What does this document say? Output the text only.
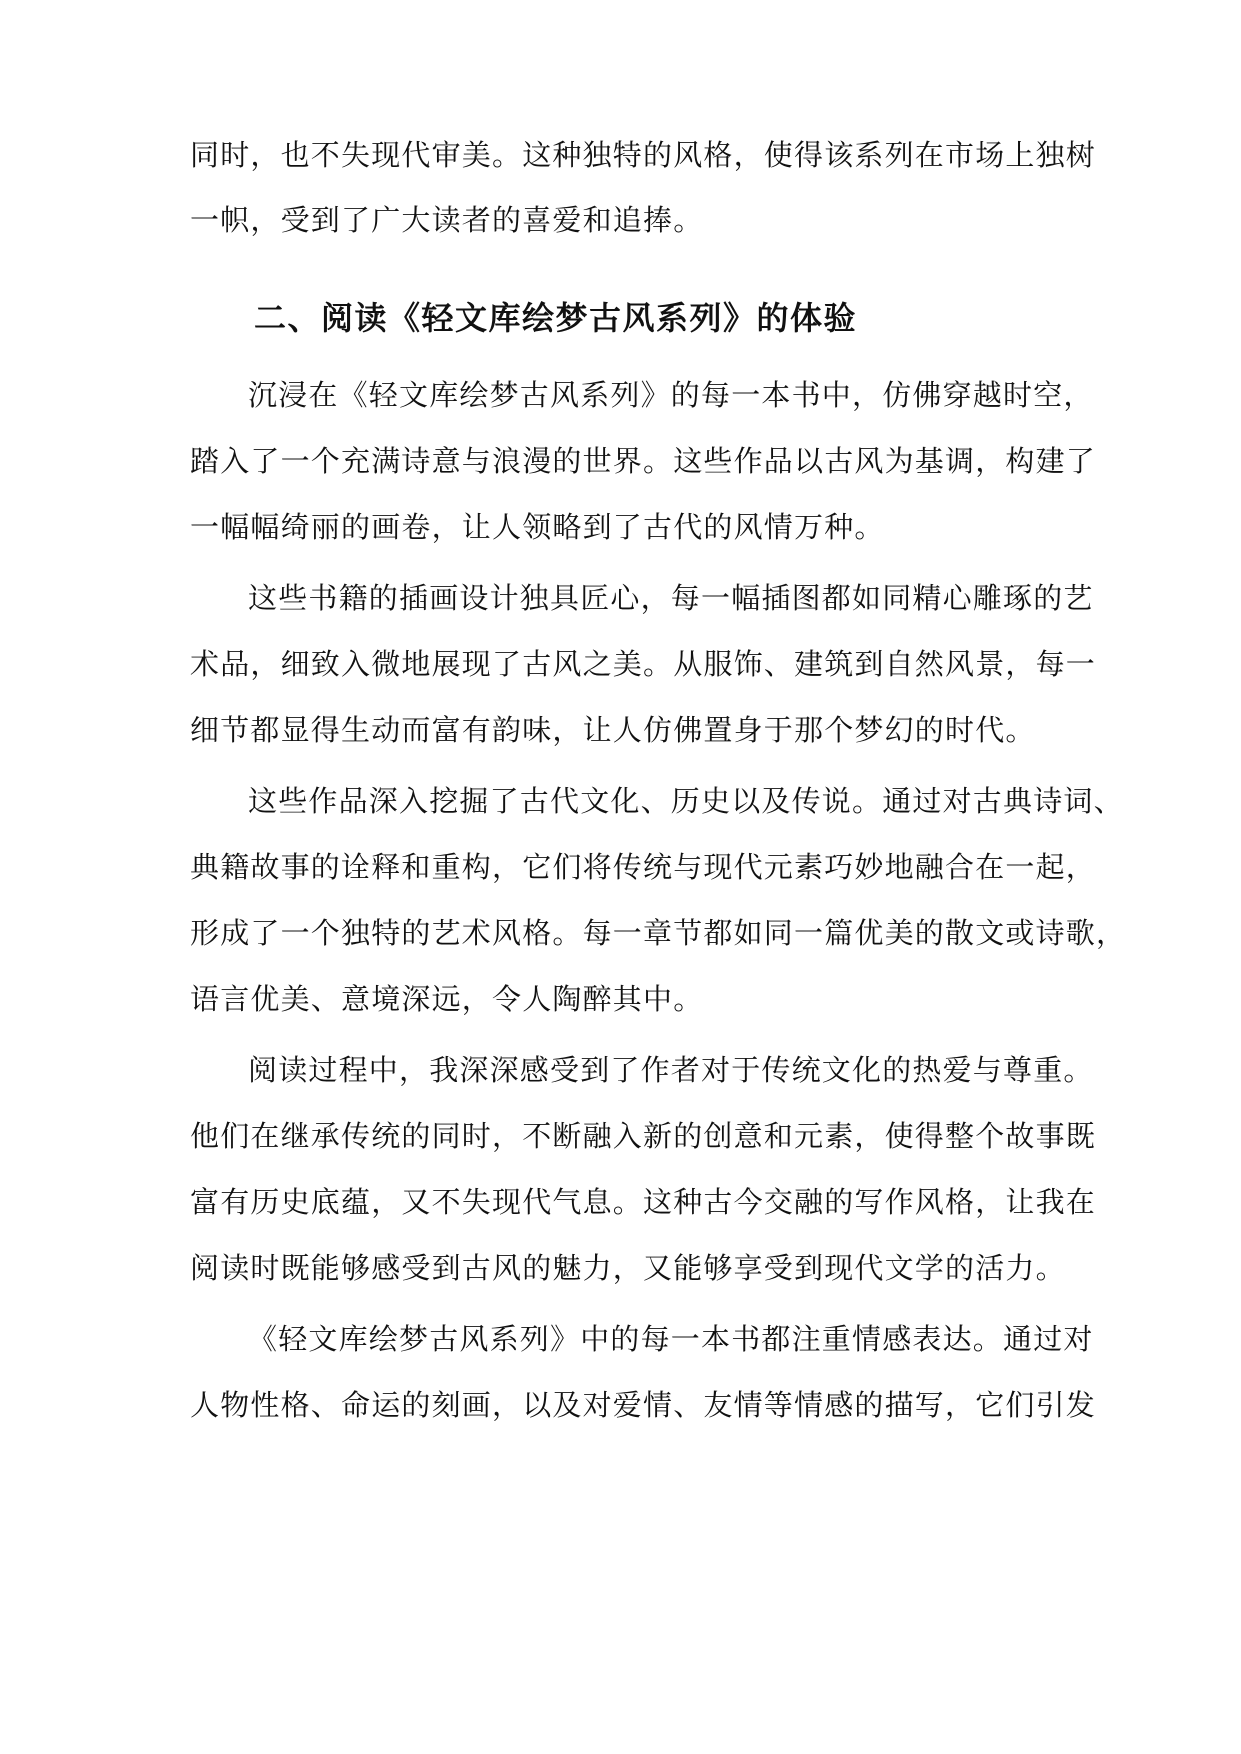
同时，也不失现代审美。这种独特的风格，使得该系列在市场上独树
一帜，受到了广大读者的喜爱和追捧。
二、阅读《轻文库绘梦古风系列》的体验
沉浸在《轻文库绘梦古风系列》的每一本书中，仿佛穿越时空，
踏入了一个充满诗意与浪漫的世界。这些作品以古风为基调，构建了
一幅幅绮丽的画卷，让人领略到了古代的风情万种。
这些书籍的插画设计独具匠心，每一幅插图都如同精心雕琢的艺
术品，细致入微地展现了古风之美。从服饰、建筑到自然风景，每一
细节都显得生动而富有韵味，让人仿佛置身于那个梦幻的时代。
这些作品深入挖掘了古代文化、历史以及传说。通过对古典诗词、
典籍故事的诠释和重构，它们将传统与现代元素巧妙地融合在一起，
形成了一个独特的艺术风格。每一章节都如同一篇优美的散文或诗歌，
语言优美、意境深远，令人陶醉其中。
阅读过程中，我深深感受到了作者对于传统文化的热爱与尊重。
他们在继承传统的同时，不断融入新的创意和元素，使得整个故事既
富有历史底蕴，又不失现代气息。这种古今交融的写作风格，让我在
阅读时既能够感受到古风的魅力，又能够享受到现代文学的活力。
《轻文库绘梦古风系列》中的每一本书都注重情感表达。通过对
人物性格、命运的刻画，以及对爱情、友情等情感的描写，它们引发
